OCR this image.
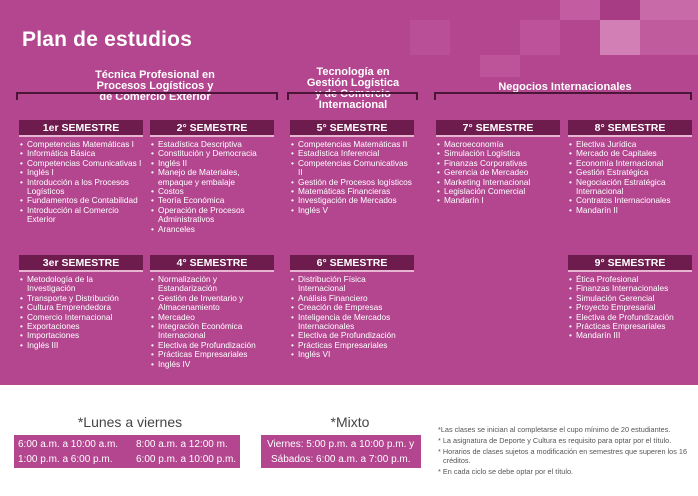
Plan de estudios
Técnica Profesional en
Procesos Logísticos y
de Comercio Exterior
Tecnología en
Gestión Logística
y de Comercio
Internacional
Negocios Internacionales
1er SEMESTRE
• Competencias Matemáticas I
• Informática Básica
• Competencias Comunicativas I
• Inglés I
• Introducción a los Procesos Logísticos
• Fundamentos de Contabilidad
• Introducción al Comercio Exterior
2° SEMESTRE
• Estadística Descriptiva
• Constitución y Democracia
• Inglés II
• Manejo de Materiales, empaque y embalaje
• Costos
• Teoría Económica
• Operación de Procesos Administrativos
• Aranceles
5° SEMESTRE
• Competencias Matemáticas II
• Estadística Inferencial
• Competencias Comunicativas II
• Gestión de Procesos logísticos
• Matemáticas Financieras
• Investigación de Mercados
• Inglés V
7° SEMESTRE
• Macroeconomía
• Simulación Logística
• Finanzas Corporativas
• Gerencia de Mercadeo
• Marketing Internacional
• Legislación Comercial
• Mandarín I
8° SEMESTRE
• Electiva Jurídica
• Mercado de Capitales
• Economía Internacional
• Gestión Estratégica
• Negociación Estratégica Internacional
• Contratos Internacionales
• Mandarín II
3er SEMESTRE
• Metodología de la Investigación
• Transporte y Distribución
• Cultura Emprendedora
• Comercio Internacional
• Exportaciones
• Importaciones
• Inglés III
4° SEMESTRE
• Normalización y Estandarización
• Gestión de Inventario y Almacenamiento
• Mercadeo
• Integración Económica Internacional
• Electiva de Profundización
• Prácticas Empresariales
• Inglés IV
6° SEMESTRE
• Distribución Física Internacional
• Análisis Financiero
• Creación de Empresas
• Inteligencia de Mercados Internacionales
• Electiva de Profundización
• Prácticas Empresariales
• Inglés VI
9° SEMESTRE
• Ética Profesional
• Finanzas Internacionales
• Simulación Gerencial
• Proyecto Empresarial
• Electiva de Profundización
• Prácticas Empresariales
• Mandarín III
*Lunes a viernes
6:00 a.m. a 10:00 a.m. 8:00 a.m. a 12:00 m.
1:00 p.m. a 6:00 p.m. 6:00 p.m. a 10:00 p.m.
*Mixto
Viernes: 5:00 p.m. a 10:00 p.m. y
Sábados: 6:00 a.m. a 7:00 p.m.

*Las clases se inician al completarse el cupo mínimo de 20 estudiantes.

* La asignatura de Deporte y Cultura es requisito para optar por el título.

* Horarios de clases sujetos a modificación en semestres que superen los 16 créditos.

* En cada ciclo se debe optar por el título.
